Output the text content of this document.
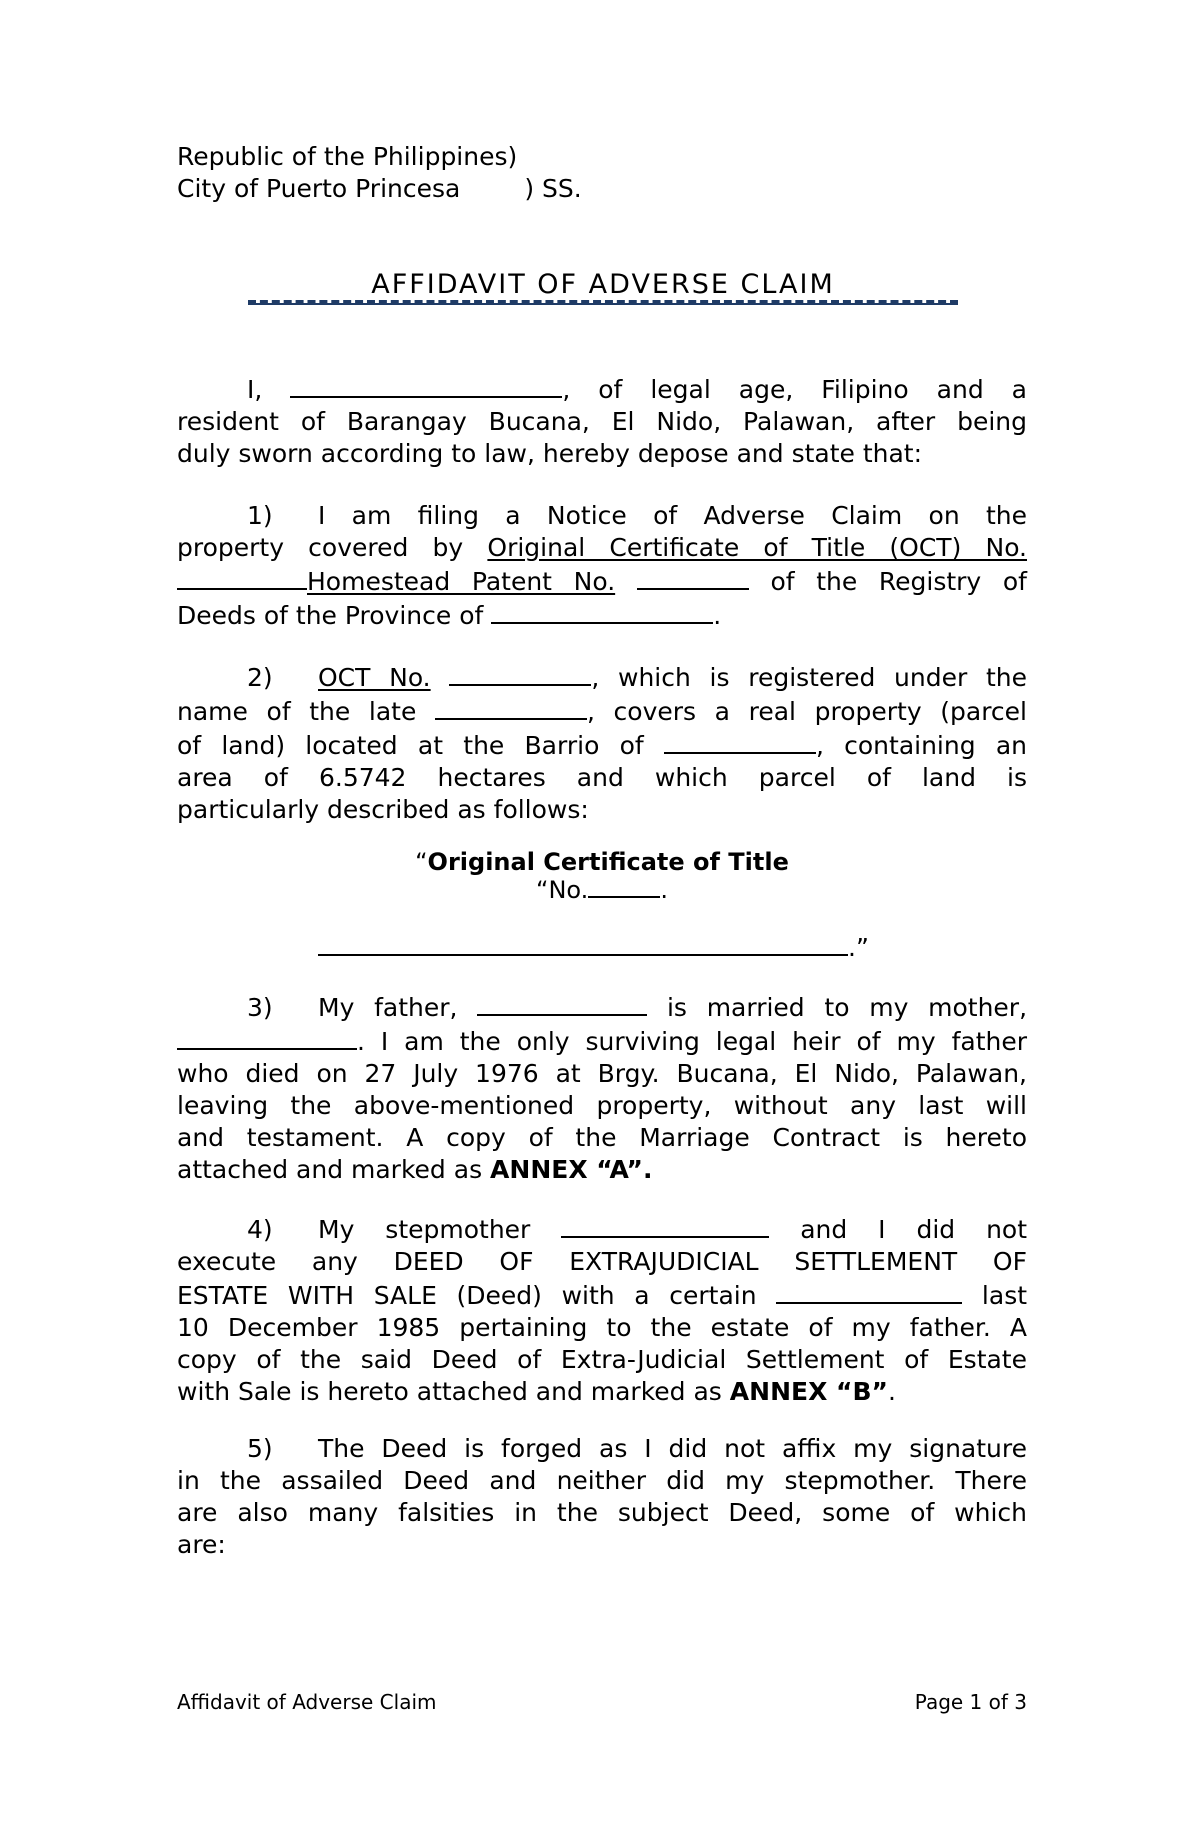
Republic of the Philippines)
City of Puerto Princesa	) SS.
AFFIDAVIT OF ADVERSE CLAIM
I,	, of legal age, Filipino and a
resident of Barangay Bucana, El Nido, Palawan, after being
duly sworn according to law, hereby depose and state that:
1) I am filing a Notice of Adverse Claim on the
property covered by Original Certificate of Title (OCT) No.
Homestead Patent No.	of the Registry of
Deeds of the Province of	.
2) OCT No.	, which is registered under the
name of the late	, covers a real property (parcel
of land) located at the Barrio of	, containing an
area of 6.5742 hectares and which parcel of land is
particularly described as follows:
“Original Certificate of Title
“No.	.
.”
3) My father,	is married to my mother,
. I am the only surviving legal heir of my father
who died on 27 July 1976 at Brgy. Bucana, El Nido, Palawan,
leaving the above-mentioned property, without any last will
and testament. A copy of the Marriage Contract is hereto
attached and marked as ANNEX “A”.
4) My stepmother	and I did not
execute any DEED OF EXTRAJUDICIAL SETTLEMENT OF
ESTATE WITH SALE (Deed) with a certain	last
10 December 1985 pertaining to the estate of my father. A
copy of the said Deed of Extra-Judicial Settlement of Estate
with Sale is hereto attached and marked as ANNEX “B”.
5) The Deed is forged as I did not affix my signature
in the assailed Deed and neither did my stepmother. There
are also many falsities in the subject Deed, some of which
are:
Affidavit of Adverse Claim	Page 1 of 3
